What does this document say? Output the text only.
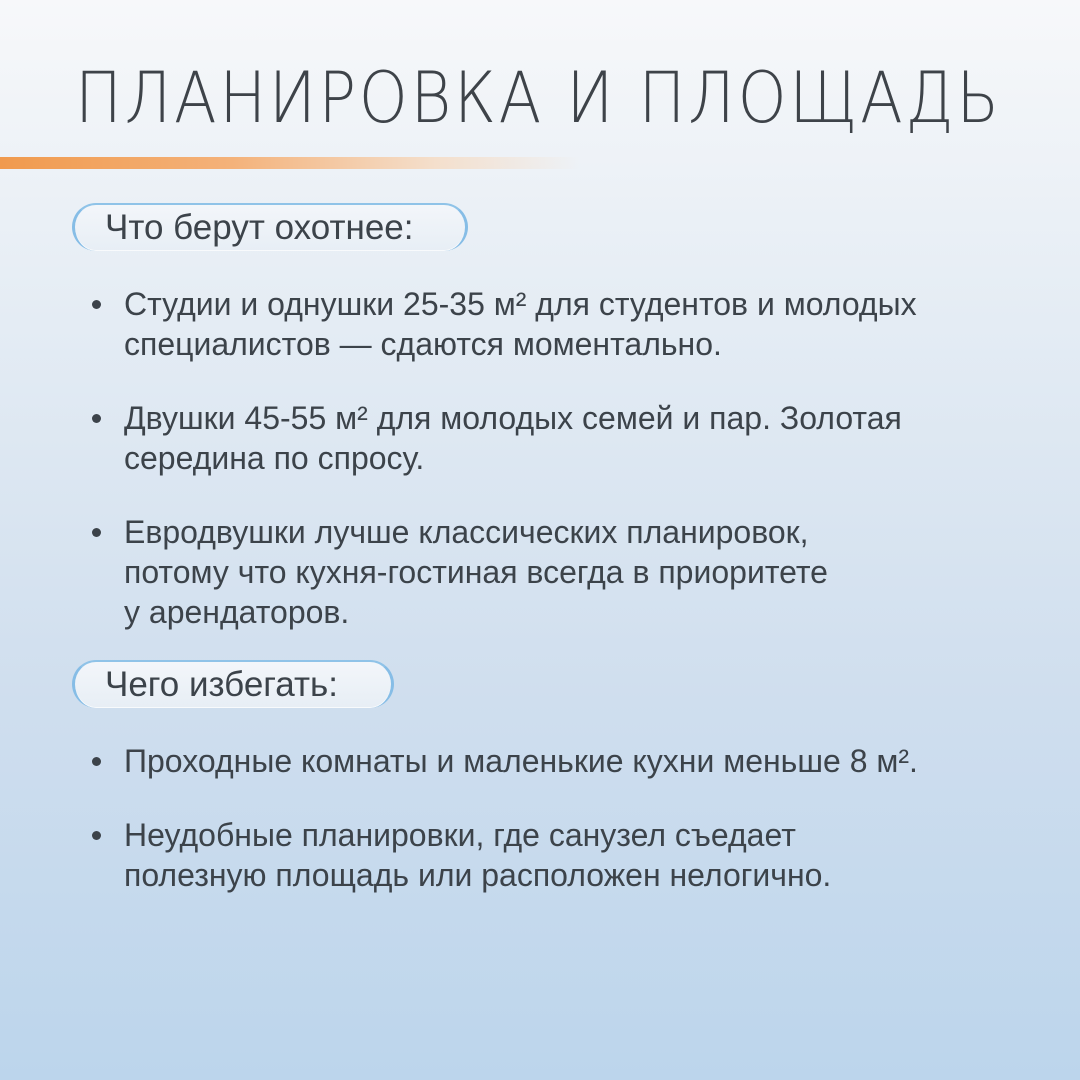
ПЛАНИРОВКА И ПЛОЩАДЬ
Что берут охотнее:
Студии и однушки 25-35 м² для студентов и молодых
специалистов — сдаются моментально.
Двушки 45-55 м² для молодых семей и пар. Золотая
середина по спросу.
Евродвушки лучше классических планировок,
потому что кухня-гостиная всегда в приоритете
у арендаторов.
Чего избегать:
Проходные комнаты и маленькие кухни меньше 8 м².
Неудобные планировки, где санузел съедает
полезную площадь или расположен нелогично.
